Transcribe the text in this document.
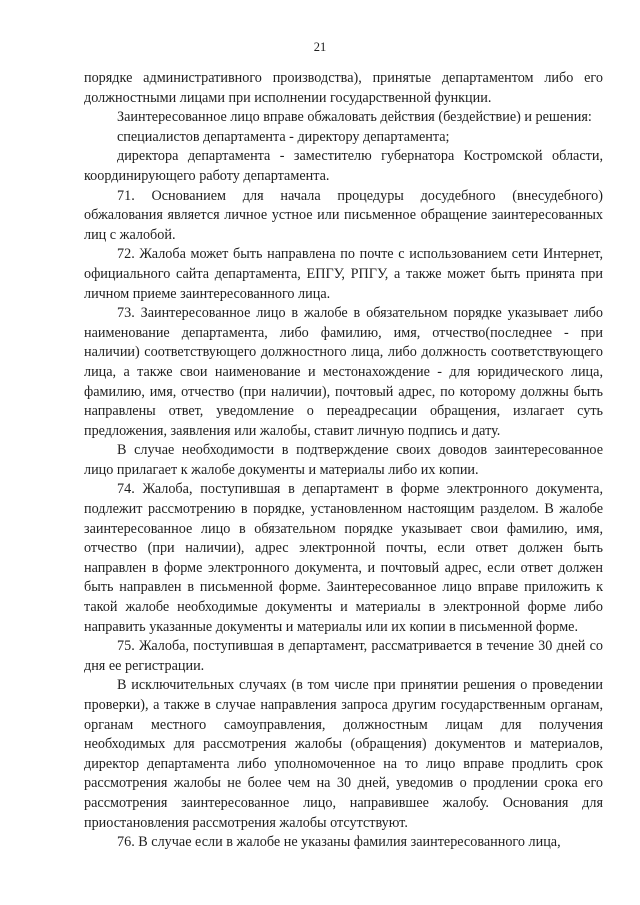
21

порядке административного производства), принятые департаментом либо его должностными лицами при исполнении государственной функции.

Заинтересованное лицо вправе обжаловать действия (бездействие) и решения:

специалистов департамента - директору департамента;

директора департамента - заместителю губернатора Костромской области, координирующего работу департамента.

71. Основанием для начала процедуры досудебного (внесудебного) обжалования является личное устное или письменное обращение заинтересованных лиц с жалобой.

72. Жалоба может быть направлена по почте с использованием сети Интернет, официального сайта департамента, ЕПГУ, РПГУ, а также может быть принята при личном приеме заинтересованного лица.

73. Заинтересованное лицо в жалобе в обязательном порядке указывает либо наименование департамента, либо фамилию, имя, отчество(последнее - при наличии) соответствующего должностного лица, либо должность соответствующего лица, а также свои наименование и местонахождение - для юридического лица, фамилию, имя, отчество (при наличии), почтовый адрес, по которому должны быть направлены ответ, уведомление о переадресации обращения, излагает суть предложения, заявления или жалобы, ставит личную подпись и дату.

В случае необходимости в подтверждение своих доводов заинтересованное лицо прилагает к жалобе документы и материалы либо их копии.

74. Жалоба, поступившая в департамент в форме электронного документа, подлежит рассмотрению в порядке, установленном настоящим разделом. В жалобе заинтересованное лицо в обязательном порядке указывает свои фамилию, имя, отчество (при наличии), адрес электронной почты, если ответ должен быть направлен в форме электронного документа, и почтовый адрес, если ответ должен быть направлен в письменной форме. Заинтересованное лицо вправе приложить к такой жалобе необходимые документы и материалы в электронной форме либо направить указанные документы и материалы или их копии в письменной форме.

75. Жалоба, поступившая в департамент, рассматривается в течение 30 дней со дня ее регистрации.

В исключительных случаях (в том числе при принятии решения о проведении проверки), а также в случае направления запроса другим государственным органам, органам местного самоуправления, должностным лицам для получения необходимых для рассмотрения жалобы (обращения) документов и материалов, директор департамента либо уполномоченное на то лицо вправе продлить срок рассмотрения жалобы не более чем на 30 дней, уведомив о продлении срока его рассмотрения заинтересованное лицо, направившее жалобу. Основания для приостановления рассмотрения жалобы отсутствуют.

76. В случае если в жалобе не указаны фамилия заинтересованного лица,
